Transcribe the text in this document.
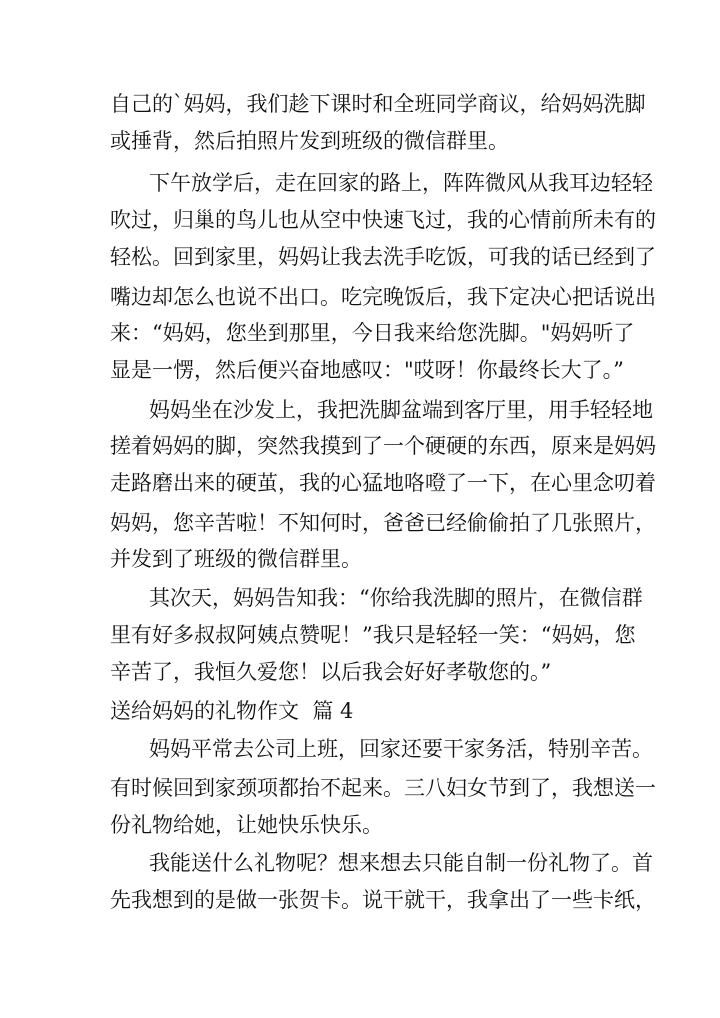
自己的`妈妈，我们趁下课时和全班同学商议，给妈妈洗脚
或捶背，然后拍照片发到班级的微信群里。
下午放学后，走在回家的路上，阵阵微风从我耳边轻轻
吹过，归巢的鸟儿也从空中快速飞过，我的心情前所未有的
轻松。回到家里，妈妈让我去洗手吃饭，可我的话已经到了
嘴边却怎么也说不出口。吃完晚饭后，我下定决心把话说出
来：“妈妈，您坐到那里，今日我来给您洗脚。"妈妈听了
显是一愣，然后便兴奋地感叹："哎呀！你最终长大了。”
妈妈坐在沙发上，我把洗脚盆端到客厅里，用手轻轻地
搓着妈妈的脚，突然我摸到了一个硬硬的东西，原来是妈妈
走路磨出来的硬茧，我的心猛地咯噔了一下，在心里念叨着
妈妈，您辛苦啦！不知何时，爸爸已经偷偷拍了几张照片，
并发到了班级的微信群里。
其次天，妈妈告知我：“你给我洗脚的照片，在微信群
里有好多叔叔阿姨点赞呢！”我只是轻轻一笑：“妈妈，您
辛苦了，我恒久爱您！以后我会好好孝敬您的。”
送给妈妈的礼物作文  篇 4
妈妈平常去公司上班，回家还要干家务活，特别辛苦。
有时候回到家颈项都抬不起来。三八妇女节到了，我想送一
份礼物给她，让她快乐快乐。
我能送什么礼物呢？想来想去只能自制一份礼物了。首
先我想到的是做一张贺卡。说干就干，我拿出了一些卡纸，
